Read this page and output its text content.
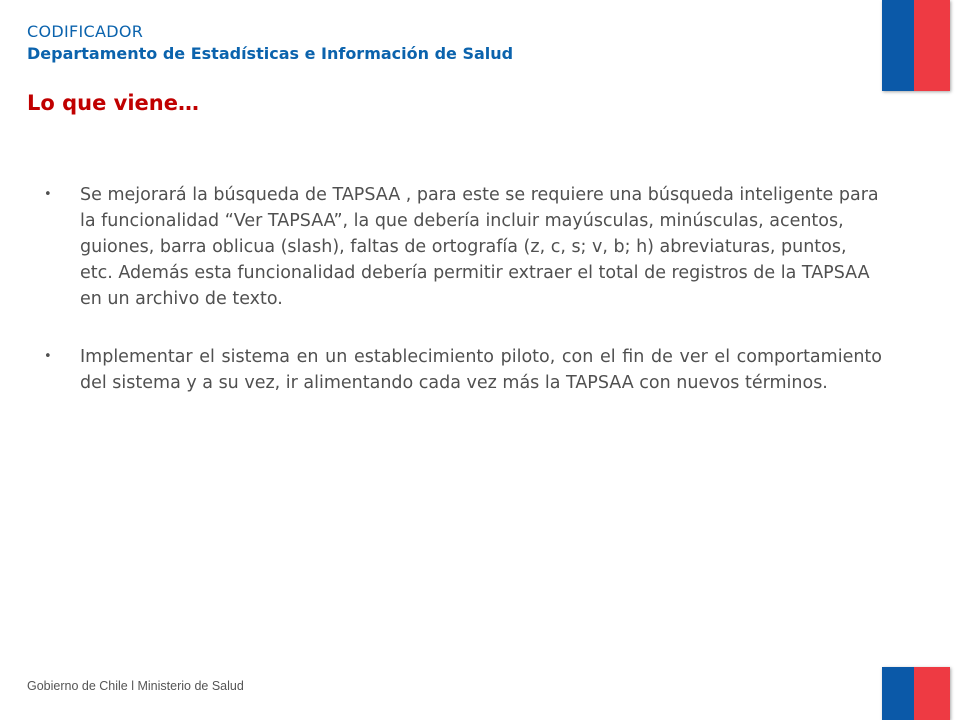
CODIFICADOR
Departamento de Estadísticas e Información de Salud
Lo que viene…
• Se mejorará la búsqueda de TAPSAA , para este se requiere una búsqueda inteligente para la funcionalidad “Ver TAPSAA”, la que debería incluir mayúsculas, minúsculas, acentos, guiones, barra oblicua (slash), faltas de ortografía (z, c, s; v, b; h) abreviaturas, puntos, etc. Además esta funcionalidad debería permitir extraer el total de registros de la TAPSAA en un archivo de texto.
• Implementar el sistema en un establecimiento piloto, con el fin de ver el comportamiento del sistema y a su vez, ir alimentando cada vez más la TAPSAA con nuevos términos.
Gobierno de Chile l Ministerio de Salud
